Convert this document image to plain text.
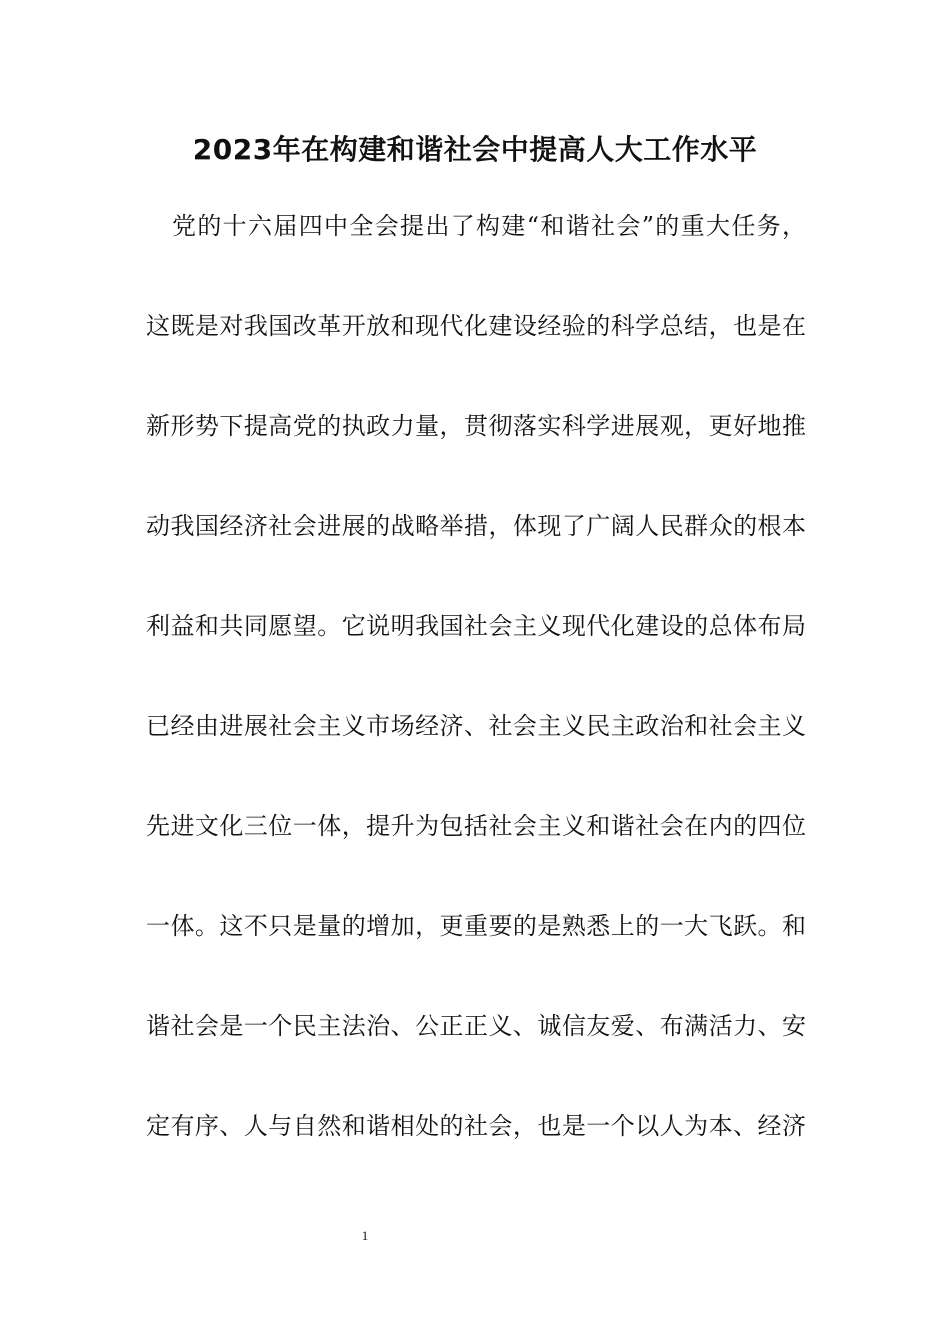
2023年在构建和谐社会中提高人大工作水平
党的十六届四中全会提出了构建“和谐社会”的重大任务，
这既是对我国改革开放和现代化建设经验的科学总结，也是在
新形势下提高党的执政力量，贯彻落实科学进展观，更好地推
动我国经济社会进展的战略举措，体现了广阔人民群众的根本
利益和共同愿望。它说明我国社会主义现代化建设的总体布局
已经由进展社会主义市场经济、社会主义民主政治和社会主义
先进文化三位一体，提升为包括社会主义和谐社会在内的四位
一体。这不只是量的增加，更重要的是熟悉上的一大飞跃。和
谐社会是一个民主法治、公正正义、诚信友爱、布满活力、安
定有序、人与自然和谐相处的社会，也是一个以人为本、经济
1
